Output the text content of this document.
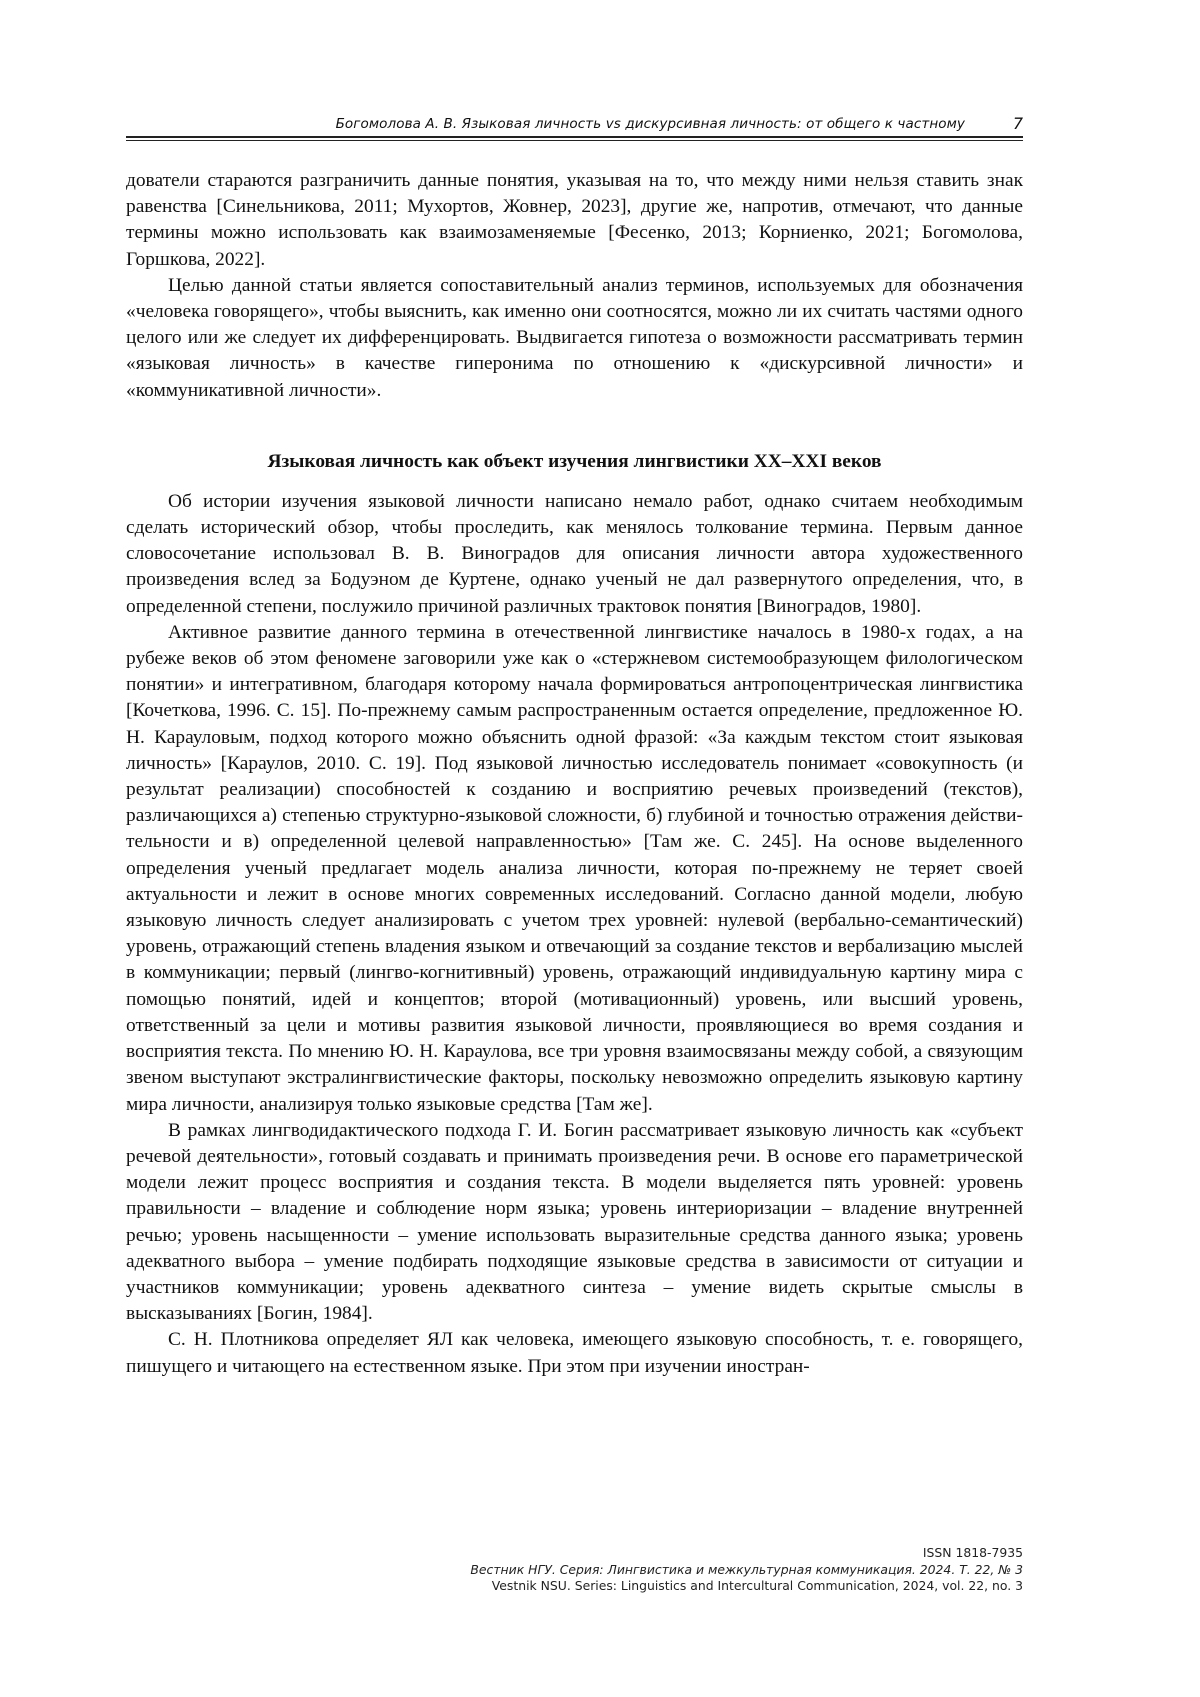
Богомолова А. В. Языковая личность vs дискурсивная личность: от общего к частному	7

дователи стараются разграничить данные понятия, указывая на то, что между ними нельзя ставить знак равенства [Синельникова, 2011; Мухортов, Жовнер, 2023], другие же, напротив, отмечают, что данные термины можно использовать как взаимозаменяемые [Фесенко, 2013; Корниенко, 2021; Богомолова, Горшкова, 2022].

Целью данной статьи является сопоставительный анализ терминов, используемых для обозначения «человека говорящего», чтобы выяснить, как именно они соотносятся, можно ли их считать частями одного целого или же следует их дифференцировать. Выдвигается гипотеза о возможности рассматривать термин «языковая личность» в качестве гиперонима по отношению к «дискурсивной личности» и «коммуникативной личности».

Языковая личность как объект изучения лингвистики XX–XXI веков

Об истории изучения языковой личности написано немало работ, однако считаем необходимым сделать исторический обзор, чтобы проследить, как менялось толкование термина. Первым данное словосочетание использовал В. В. Виноградов для описания личности автора художественного произведения вслед за Бодуэном де Куртене, однако ученый не дал развернутого определения, что, в определенной степени, послужило причиной различных трактовок понятия [Виноградов, 1980].

Активное развитие данного термина в отечественной лингвистике началось в 1980-х годах, а на рубеже веков об этом феномене заговорили уже как о «стержневом системообразующем филологическом понятии» и интегративном, благодаря которому начала формироваться антропоцентрическая лингвистика [Кочеткова, 1996. С. 15]. По-прежнему самым распространенным остается определение, предложенное Ю. Н. Карауловым, подход которого можно объяснить одной фразой: «За каждым текстом стоит языковая личность» [Караулов, 2010. С. 19]. Под языковой личностью исследователь понимает «совокупность (и результат реализации) способностей к созданию и восприятию речевых произведений (текстов), различающихся а) степенью структурно-языковой сложности, б) глубиной и точностью отражения действительности и в) определенной целевой направленностью» [Там же. С. 245]. На основе выделенного определения ученый предлагает модель анализа личности, которая по-прежнему не теряет своей актуальности и лежит в основе многих современных исследований. Согласно данной модели, любую языковую личность следует анализировать с учетом трех уровней: нулевой (вербально-семантический) уровень, отражающий степень владения языком и отвечающий за создание текстов и вербализацию мыслей в коммуникации; первый (лингво-когнитивный) уровень, отражающий индивидуальную картину мира с помощью понятий, идей и концептов; второй (мотивационный) уровень, или высший уровень, ответственный за цели и мотивы развития языковой личности, проявляющиеся во время создания и восприятия текста. По мнению Ю. Н. Караулова, все три уровня взаимосвязаны между собой, а связующим звеном выступают экстралингвистические факторы, поскольку невозможно определить языковую картину мира личности, анализируя только языковые средства [Там же].

В рамках лингводидактического подхода Г. И. Богин рассматривает языковую личность как «субъект речевой деятельности», готовый создавать и принимать произведения речи. В основе его параметрической модели лежит процесс восприятия и создания текста. В модели выделяется пять уровней: уровень правильности – владение и соблюдение норм языка; уровень интериоризации – владение внутренней речью; уровень насыщенности – умение использовать выразительные средства данного языка; уровень адекватного выбора – умение подбирать подходящие языковые средства в зависимости от ситуации и участников коммуникации; уровень адекватного синтеза – умение видеть скрытые смыслы в высказываниях [Богин, 1984].

С. Н. Плотникова определяет ЯЛ как человека, имеющего языковую способность, т. е. говорящего, пишущего и читающего на естественном языке. При этом при изучении иностран-

ISSN 1818-7935
Вестник НГУ. Серия: Лингвистика и межкультурная коммуникация. 2024. Т. 22, № 3
Vestnik NSU. Series: Linguistics and Intercultural Communication, 2024, vol. 22, no. 3
